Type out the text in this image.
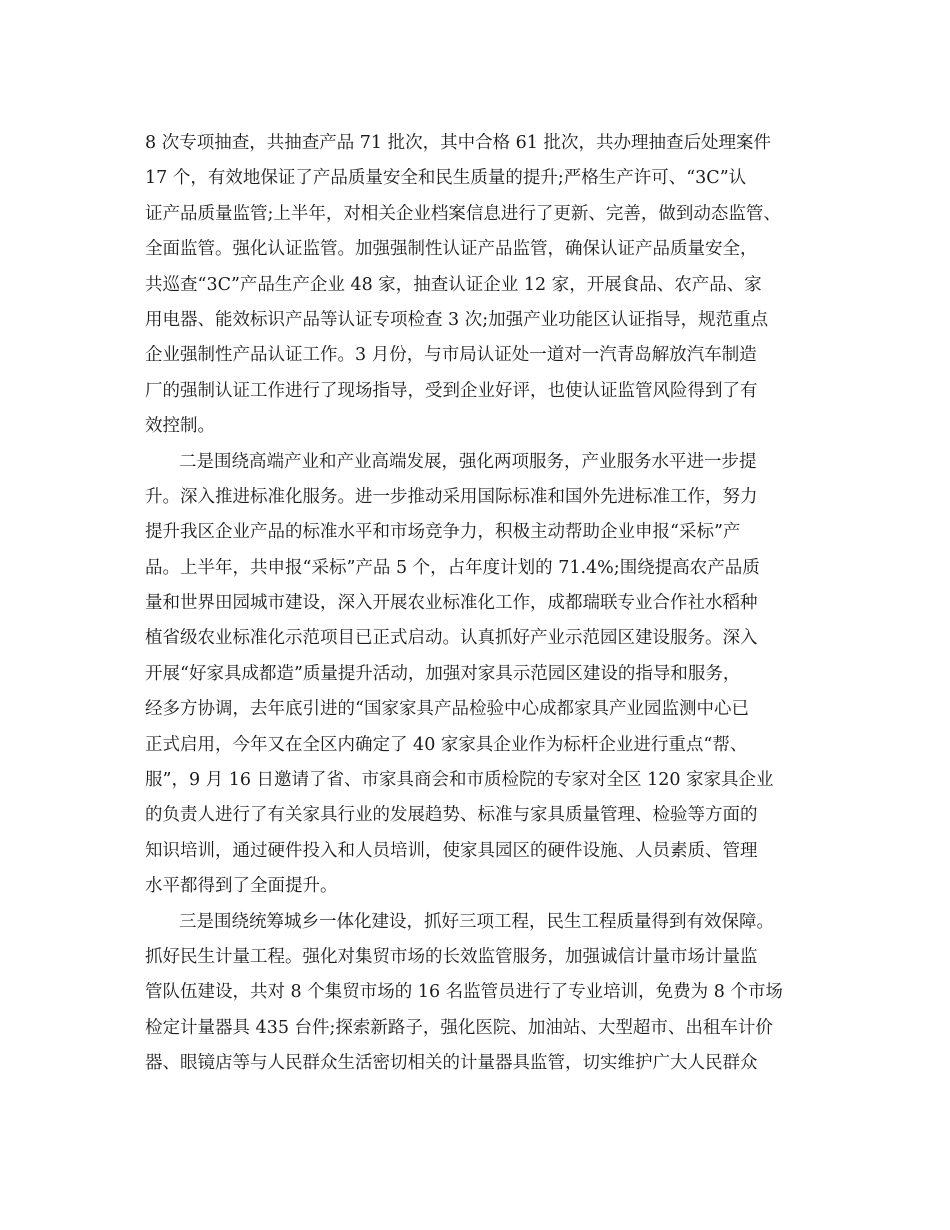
8 次专项抽查，共抽查产品 71 批次，其中合格 61 批次，共办理抽查后处理案件
17 个，有效地保证了产品质量安全和民生质量的提升;严格生产许可、“3C”认
证产品质量监管;上半年，对相关企业档案信息进行了更新、完善，做到动态监管、
全面监管。强化认证监管。加强强制性认证产品监管，确保认证产品质量安全，
共巡查“3C”产品生产企业 48 家，抽查认证企业 12 家，开展食品、农产品、家
用电器、能效标识产品等认证专项检查 3 次;加强产业功能区认证指导，规范重点
企业强制性产品认证工作。3 月份，与市局认证处一道对一汽青岛解放汽车制造
厂的强制认证工作进行了现场指导，受到企业好评，也使认证监管风险得到了有
效控制。
二是围绕高端产业和产业高端发展，强化两项服务，产业服务水平进一步提
升。深入推进标准化服务。进一步推动采用国际标准和国外先进标准工作，努力
提升我区企业产品的标准水平和市场竞争力，积极主动帮助企业申报“采标”产
品。上半年，共申报“采标”产品 5 个，占年度计划的 71.4%;围绕提高农产品质
量和世界田园城市建设，深入开展农业标准化工作，成都瑞联专业合作社水稻种
植省级农业标准化示范项目已正式启动。认真抓好产业示范园区建设服务。深入
开展“好家具成都造”质量提升活动，加强对家具示范园区建设的指导和服务，
经多方协调，去年底引进的“国家家具产品检验中心成都家具产业园监测中心已
正式启用，今年又在全区内确定了 40 家家具企业作为标杆企业进行重点“帮、
服”，9 月 16 日邀请了省、市家具商会和市质检院的专家对全区 120 家家具企业
的负责人进行了有关家具行业的发展趋势、标准与家具质量管理、检验等方面的
知识培训，通过硬件投入和人员培训，使家具园区的硬件设施、人员素质、管理
水平都得到了全面提升。
三是围绕统筹城乡一体化建设，抓好三项工程，民生工程质量得到有效保障。
抓好民生计量工程。强化对集贸市场的长效监管服务，加强诚信计量市场计量监
管队伍建设，共对 8 个集贸市场的 16 名监管员进行了专业培训，免费为 8 个市场
检定计量器具 435 台件;探索新路子，强化医院、加油站、大型超市、出租车计价
器、眼镜店等与人民群众生活密切相关的计量器具监管，切实维护广大人民群众
